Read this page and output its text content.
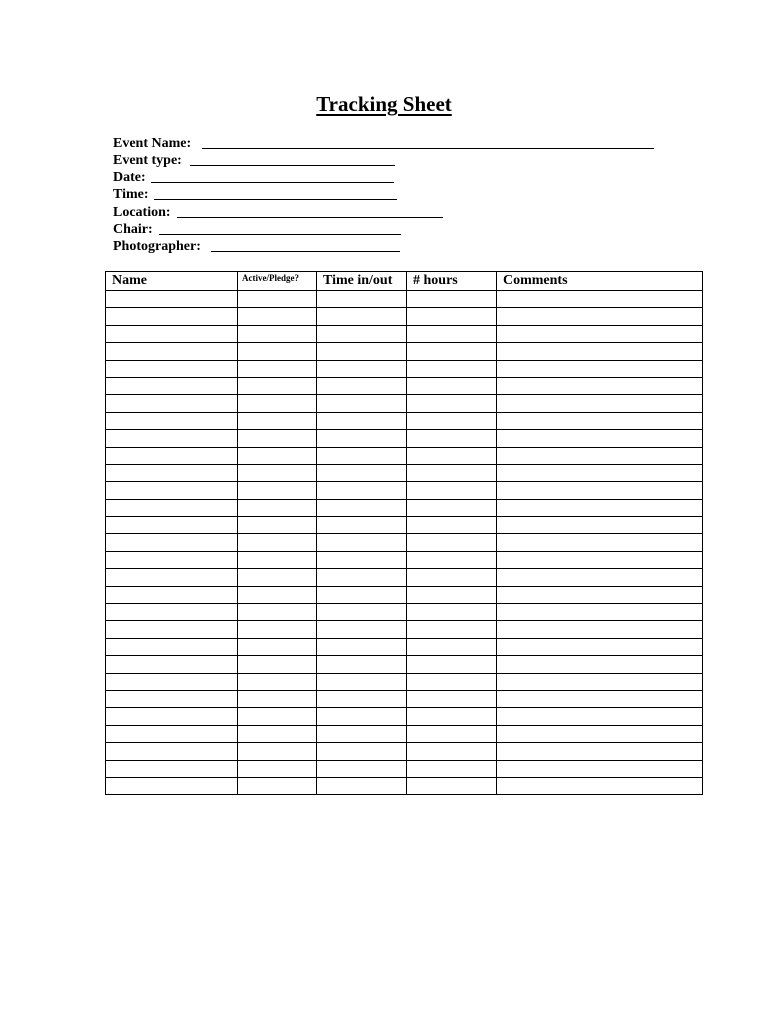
Tracking Sheet
Event Name:
Event type:
Date:
Time:
Location:
Chair:
Photographer:
Name	Active/Pledge?	Time in/out	# hours	Comments
